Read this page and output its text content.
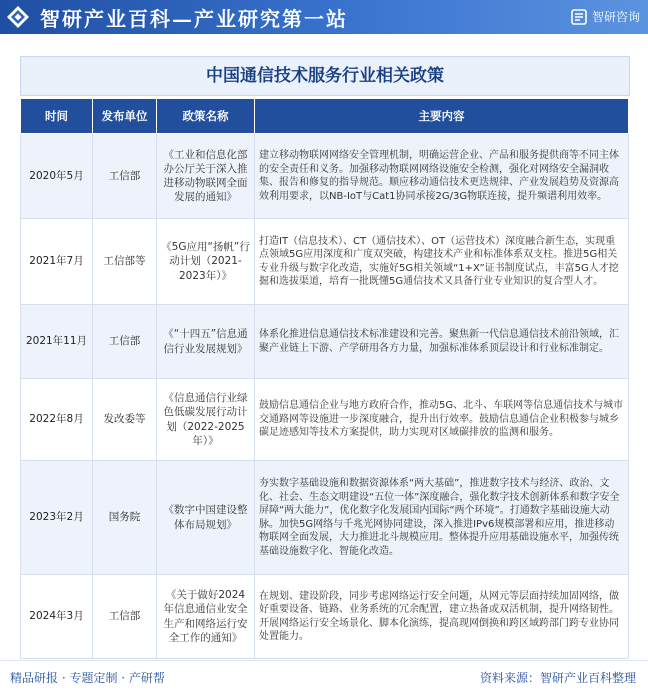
智研产业百科—产业研究第一站	智研咨询
中国通信技术服务行业相关政策
时间	发布单位	政策名称	主要内容
2020年5月	工信部	《工业和信息化部办公厅关于深入推进移动物联网全面发展的通知》	建立移动物联网网络安全管理机制，明确运营企业、产品和服务提供商等不同主体的安全责任和义务。加强移动物联网网络设施安全检测，强化对网络安全漏洞收集、报告和修复的指导规范。顺应移动通信技术更迭规律、产业发展趋势及资源高效利用要求，以NB-IoT与Cat1协同承接2G/3G物联连接，提升频谱利用效率。
2021年7月	工信部等	《5G应用“扬帆”行动计划（2021-2023年）》	打造IT（信息技术）、CT（通信技术）、OT（运营技术）深度融合新生态，实现重点领域5G应用深度和广度双突破，构建技术产业和标准体系双支柱。推进5G相关专业升级与数字化改造，实施好5G相关领域“1+X”证书制度试点，丰富5G人才挖掘和选拔渠道，培育一批既懂5G通信技术又具备行业专业知识的复合型人才。
2021年11月	工信部	《“十四五”信息通信行业发展规划》	体系化推进信息通信技术标准建设和完善。聚焦新一代信息通信技术前沿领域，汇聚产业链上下游、产学研用各方力量，加强标准体系顶层设计和行业标准制定。
2022年8月	发改委等	《信息通信行业绿色低碳发展行动计划（2022-2025年）》	鼓励信息通信企业与地方政府合作，推动5G、北斗、车联网等信息通信技术与城市交通路网等设施进一步深度融合，提升出行效率。鼓励信息通信企业积极参与城乡碳足迹感知等技术方案提供，助力实现对区域碳排放的监测和服务。
2023年2月	国务院	《数字中国建设整体布局规划》	夯实数字基础设施和数据资源体系“两大基础”，推进数字技术与经济、政治、文化、社会、生态文明建设“五位一体”深度融合，强化数字技术创新体系和数字安全屏障“两大能力”，优化数字化发展国内国际“两个环境”。打通数字基础设施大动脉。加快5G网络与千兆光网协同建设，深入推进IPv6规模部署和应用，推进移动物联网全面发展，大力推进北斗规模应用。整体提升应用基础设施水平，加强传统基础设施数字化、智能化改造。
2024年3月	工信部	《关于做好2024年信息通信业安全生产和网络运行安全工作的通知》	在规划、建设阶段，同步考虑网络运行安全问题，从网元等层面持续加固网络，做好重要设备、链路、业务系统的冗余配置，建立热备或双活机制，提升网络韧性。开展网络运行安全场景化、脚本化演练，提高现网倒换和跨区域跨部门跨专业协同处置能力。
精品研报 · 专题定制 · 产研帮	资料来源：智研产业百科整理
